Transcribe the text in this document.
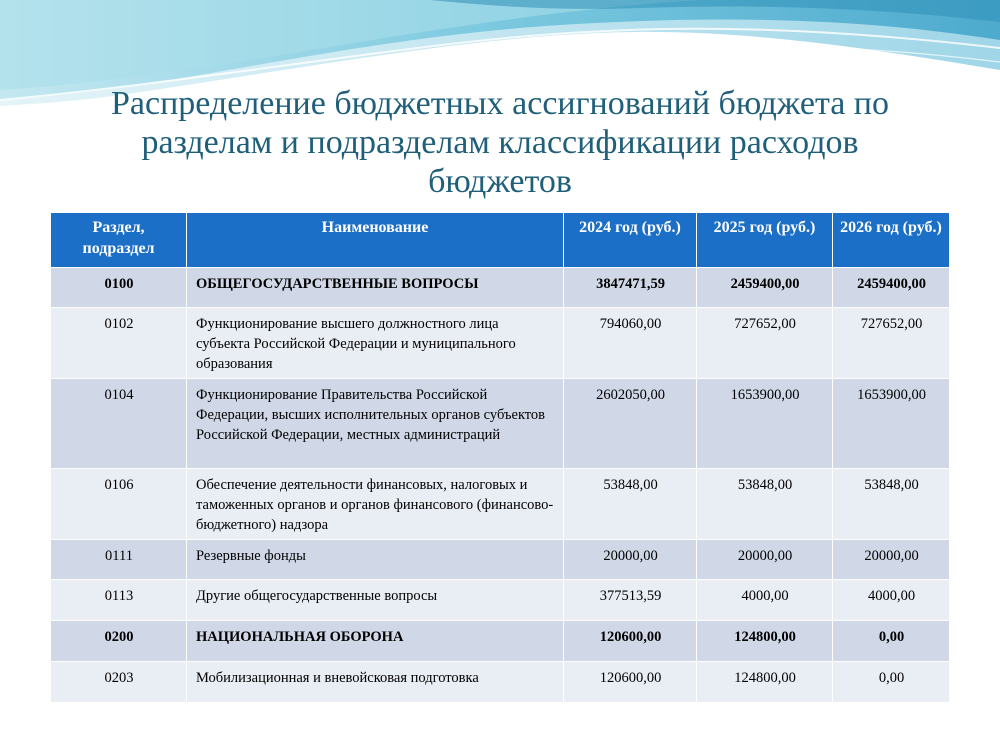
Распределение бюджетных ассигнований бюджета по
разделам и подразделам классификации расходов
бюджетов
Раздел, подраздел	Наименование	2024 год (руб.)	2025 год (руб.)	2026 год (руб.)
0100	ОБЩЕГОСУДАРСТВЕННЫЕ ВОПРОСЫ	3847471,59	2459400,00	2459400,00
0102	Функционирование высшего должностного лица субъекта Российской Федерации и муниципального образования	794060,00	727652,00	727652,00
0104	Функционирование Правительства Российской Федерации, высших исполнительных органов субъектов Российской Федерации, местных администраций	2602050,00	1653900,00	1653900,00
0106	Обеспечение деятельности финансовых, налоговых и таможенных органов и органов финансового (финансово-бюджетного) надзора	53848,00	53848,00	53848,00
0111	Резервные фонды	20000,00	20000,00	20000,00
0113	Другие общегосударственные вопросы	377513,59	4000,00	4000,00
0200	НАЦИОНАЛЬНАЯ ОБОРОНА	120600,00	124800,00	0,00
0203	Мобилизационная и вневойсковая подготовка	120600,00	124800,00	0,00
